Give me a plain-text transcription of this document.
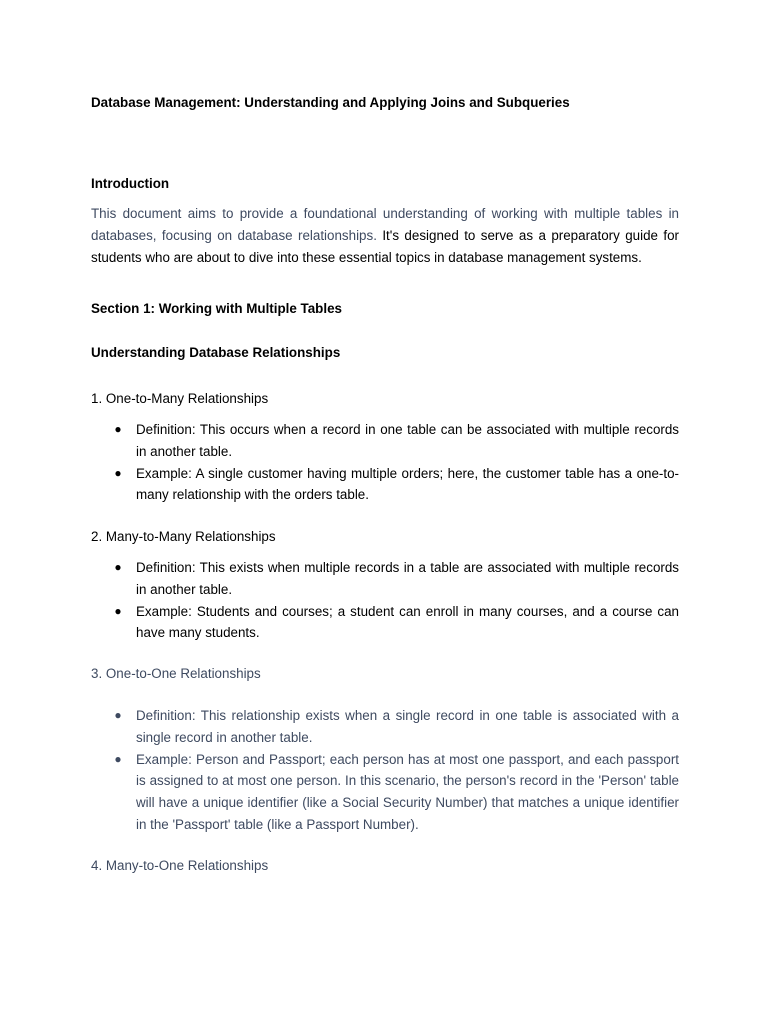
Database Management: Understanding and Applying Joins and Subqueries
Introduction
This document aims to provide a foundational understanding of working with multiple tables in databases, focusing on database relationships. It's designed to serve as a preparatory guide for students who are about to dive into these essential topics in database management systems.
Section 1: Working with Multiple Tables
Understanding Database Relationships
1. One-to-Many Relationships
● Definition: This occurs when a record in one table can be associated with multiple records in another table.
● Example: A single customer having multiple orders; here, the customer table has a one-to-many relationship with the orders table.
2. Many-to-Many Relationships
● Definition: This exists when multiple records in a table are associated with multiple records in another table.
● Example: Students and courses; a student can enroll in many courses, and a course can have many students.
3. One-to-One Relationships
● Definition: This relationship exists when a single record in one table is associated with a single record in another table.
● Example: Person and Passport; each person has at most one passport, and each passport is assigned to at most one person. In this scenario, the person's record in the 'Person' table will have a unique identifier (like a Social Security Number) that matches a unique identifier in the 'Passport' table (like a Passport Number).
4. Many-to-One Relationships
